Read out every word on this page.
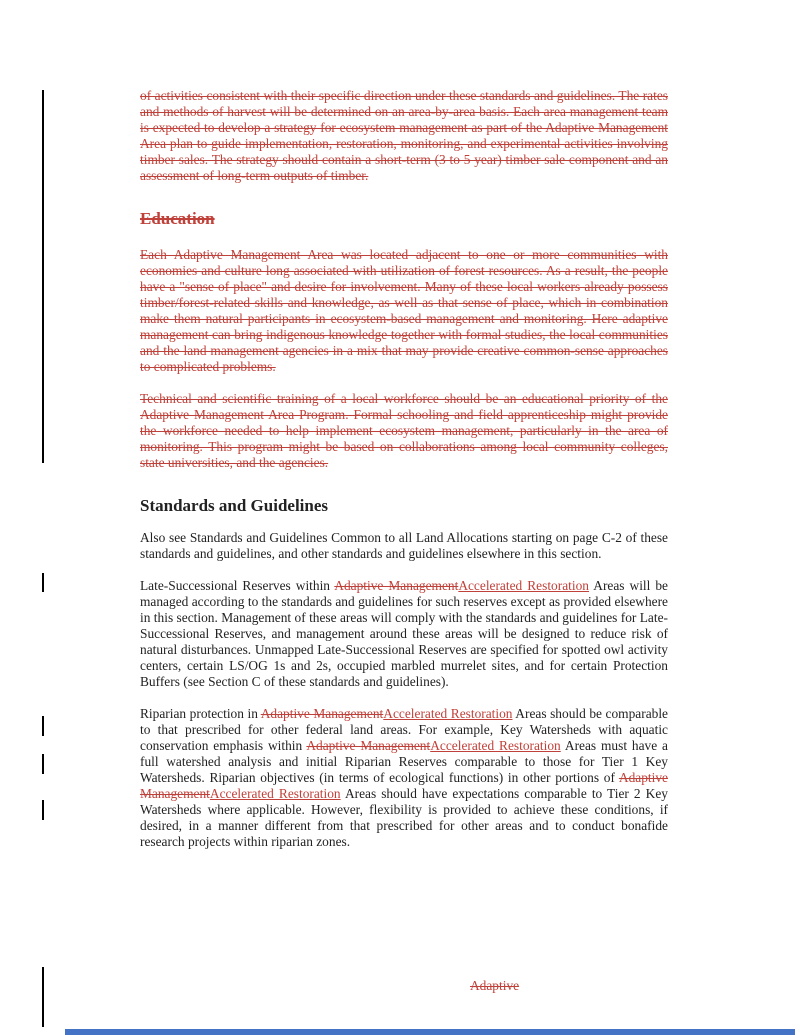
of activities consistent with their specific direction under these standards and guidelines. The rates and methods of harvest will be determined on an area-by-area basis. Each area management team is expected to develop a strategy for ecosystem management as part of the Adaptive Management Area plan to guide implementation, restoration, monitoring, and experimental activities involving timber sales. The strategy should contain a short-term (3 to 5 year) timber sale component and an assessment of long-term outputs of timber.

Education

Each Adaptive Management Area was located adjacent to one or more communities with economies and culture long associated with utilization of forest resources. As a result, the people have a "sense of place" and desire for involvement. Many of these local workers already possess timber/forest-related skills and knowledge, as well as that sense of place, which in combination make them natural participants in ecosystem-based management and monitoring. Here adaptive management can bring indigenous knowledge together with formal studies, the local communities and the land management agencies in a mix that may provide creative common-sense approaches to complicated problems.

Technical and scientific training of a local workforce should be an educational priority of the Adaptive Management Area Program. Formal schooling and field apprenticeship might provide the workforce needed to help implement ecosystem management, particularly in the area of monitoring. This program might be based on collaborations among local community colleges, state universities, and the agencies.

Standards and Guidelines

Also see Standards and Guidelines Common to all Land Allocations starting on page C-2 of these standards and guidelines, and other standards and guidelines elsewhere in this section.

Late-Successional Reserves within Adaptive ManagementAccelerated Restoration Areas will be managed according to the standards and guidelines for such reserves except as provided elsewhere in this section. Management of these areas will comply with the standards and guidelines for Late- Successional Reserves, and management around these areas will be designed to reduce risk of natural disturbances. Unmapped Late-Successional Reserves are specified for spotted owl activity centers, certain LS/OG 1s and 2s, occupied marbled murrelet sites, and for certain Protection Buffers (see Section C of these standards and guidelines).

Riparian protection in Adaptive ManagementAccelerated Restoration Areas should be comparable to that prescribed for other federal land areas. For example, Key Watersheds with aquatic conservation emphasis within Adaptive ManagementAccelerated Restoration Areas must have a full watershed analysis and initial Riparian Reserves comparable to those for Tier 1 Key Watersheds. Riparian objectives (in terms of ecological functions) in other portions of Adaptive ManagementAccelerated Restoration Areas should have expectations comparable to Tier 2 Key Watersheds where applicable. However, flexibility is provided to achieve these conditions, if desired, in a manner different from that prescribed for other areas and to conduct bonafide research projects within riparian zones.

Adaptive
